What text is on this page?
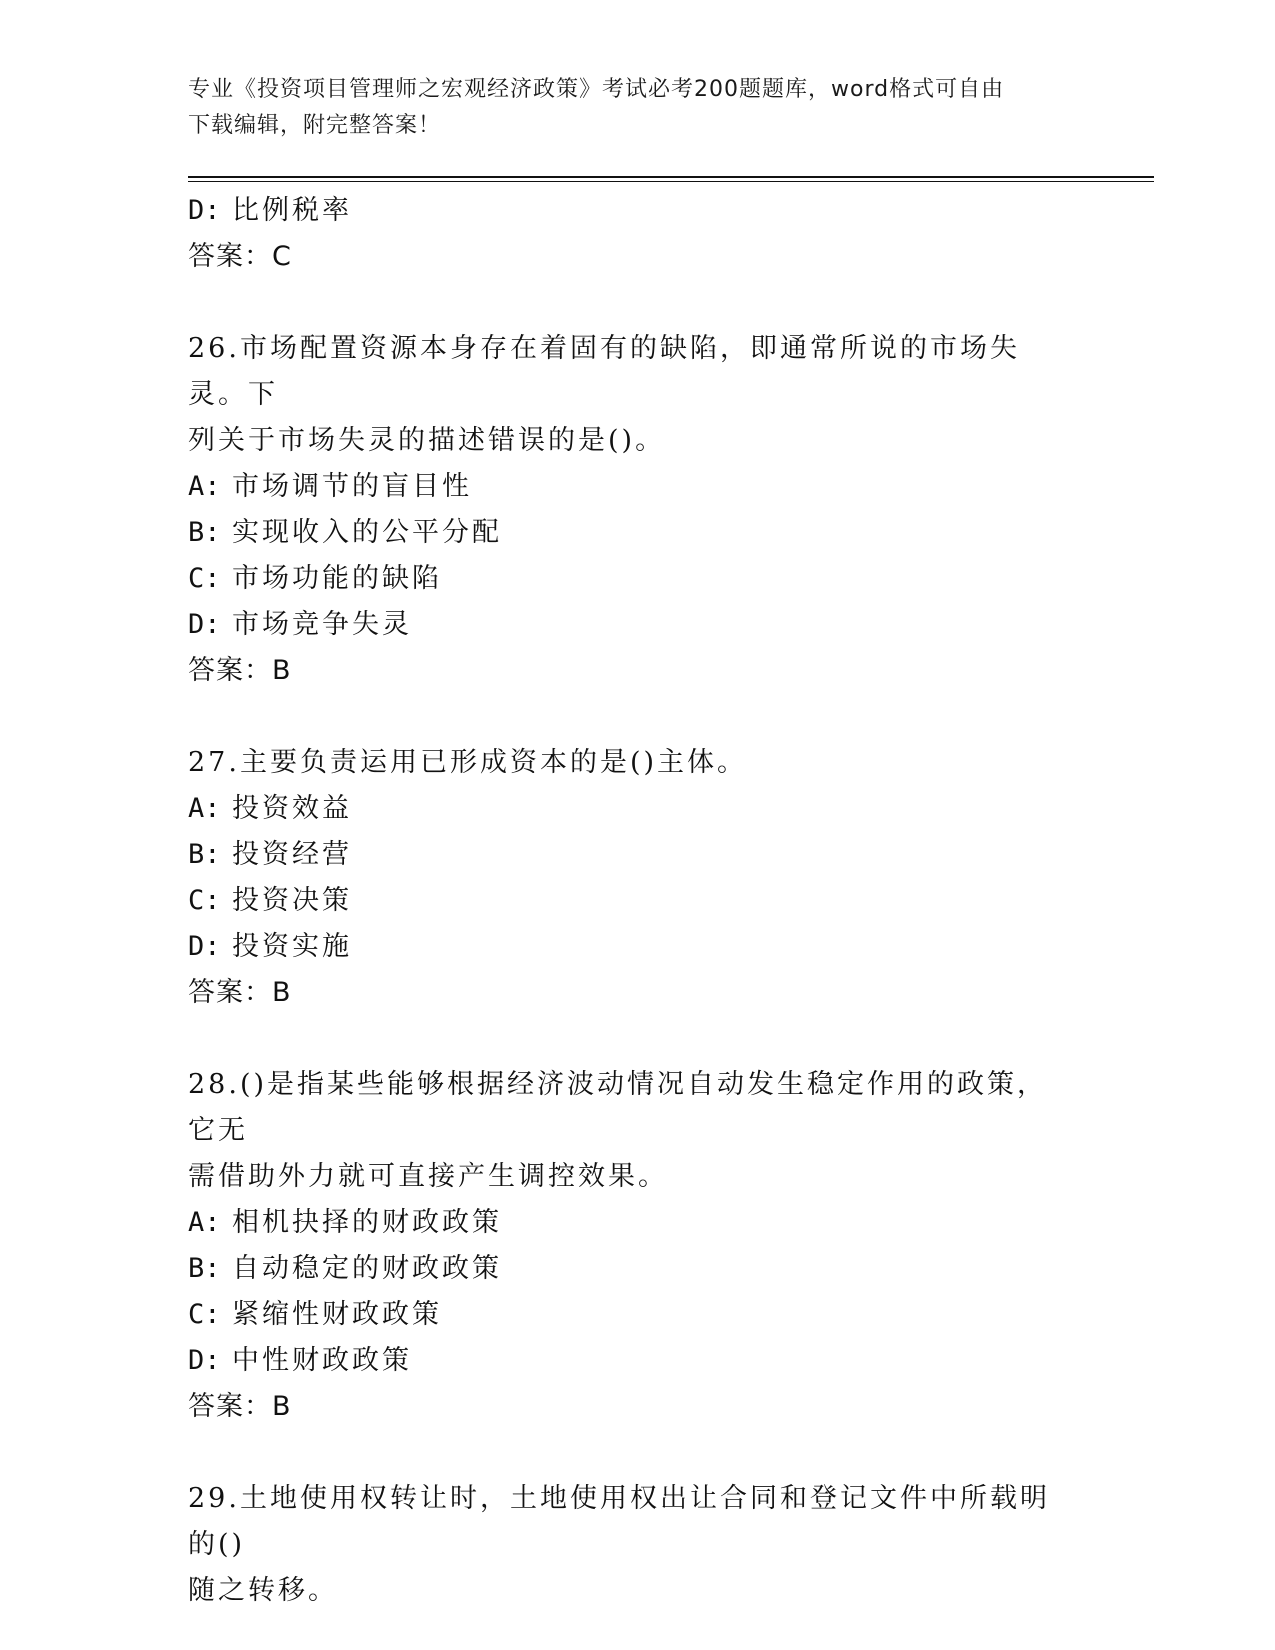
专业《投资项目管理师之宏观经济政策》考试必考200题题库，word格式可自由
下载编辑，附完整答案！
D: 比例税率
答案：C
26.市场配置资源本身存在着固有的缺陷，即通常所说的市场失灵。下
列关于市场失灵的描述错误的是()。
A: 市场调节的盲目性
B: 实现收入的公平分配
C: 市场功能的缺陷
D: 市场竞争失灵
答案：B
27.主要负责运用已形成资本的是()主体。
A: 投资效益
B: 投资经营
C: 投资决策
D: 投资实施
答案：B
28.()是指某些能够根据经济波动情况自动发生稳定作用的政策，它无
需借助外力就可直接产生调控效果。
A: 相机抉择的财政政策
B: 自动稳定的财政政策
C: 紧缩性财政政策
D: 中性财政政策
答案：B
29.土地使用权转让时，土地使用权出让合同和登记文件中所载明的()
随之转移。
